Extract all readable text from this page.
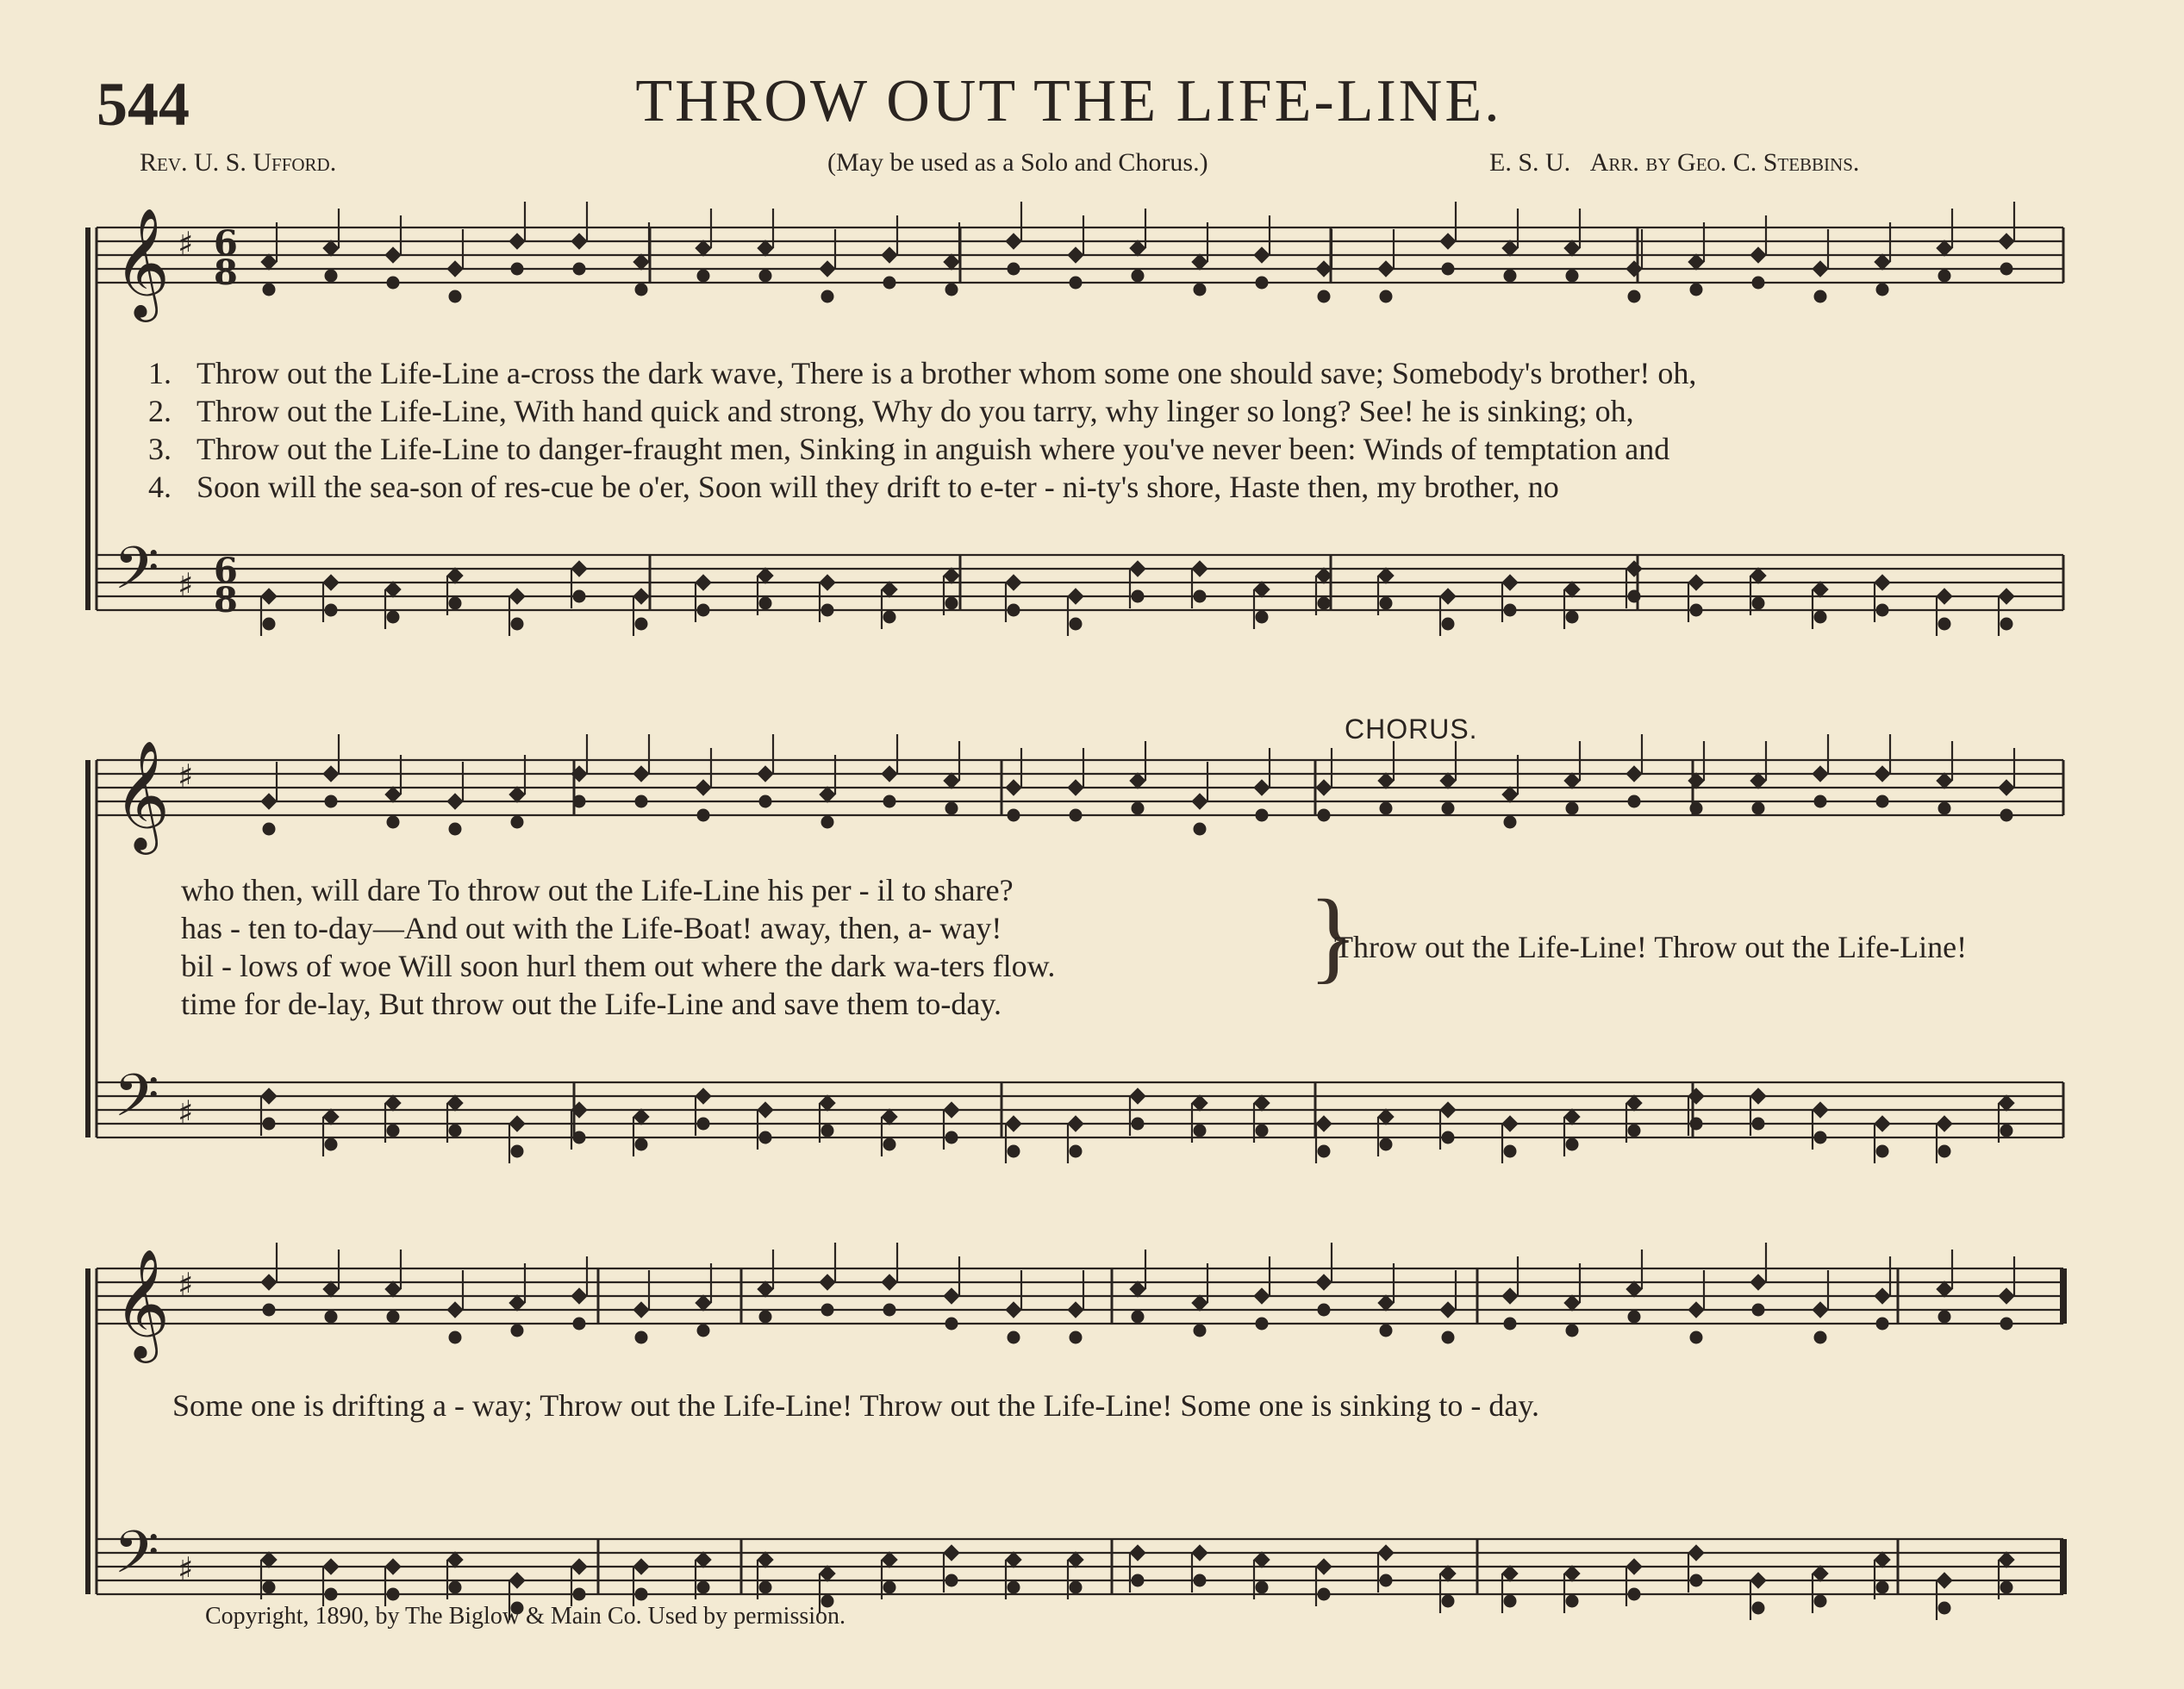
544	THROW OUT THE LIFE-LINE.
Rev. U. S. Ufford.	(May be used as a Solo and Chorus.)	E. S. U. Arr. by Geo. C. Stebbins.
𝄞 ♯ 6
8
𝄢 ♯ 6
8
𝄞 ♯
𝄢 ♯
𝄞 ♯
𝄢 ♯
1. Throw out the Life-Line a-cross the dark wave, There is a brother whom some one should save; Somebody's brother! oh,
2. Throw out the Life-Line, With hand quick and strong, Why do you tarry, why linger so long? See! he is sinking; oh,
3. Throw out the Life-Line to danger-fraught men, Sinking in anguish where you've never been: Winds of temptation and
4. Soon will the sea-son of res-cue be o'er, Soon will they drift to e-ter - ni-ty's shore, Haste then, my brother, no
CHORUS.
who then, will dare To throw out the Life-Line his per - il to share?
has - ten to-day—And out with the Life-Boat! away, then, a- way!
bil - lows of woe Will soon hurl them out where the dark wa-ters flow.
time for de-lay, But throw out the Life-Line and save them to-day.
}
Throw out the Life-Line! Throw out the Life-Line!
Some one is drifting a - way; Throw out the Life-Line! Throw out the Life-Line! Some one is sinking to - day.
Copyright, 1890, by The Biglow & Main Co. Used by permission.
